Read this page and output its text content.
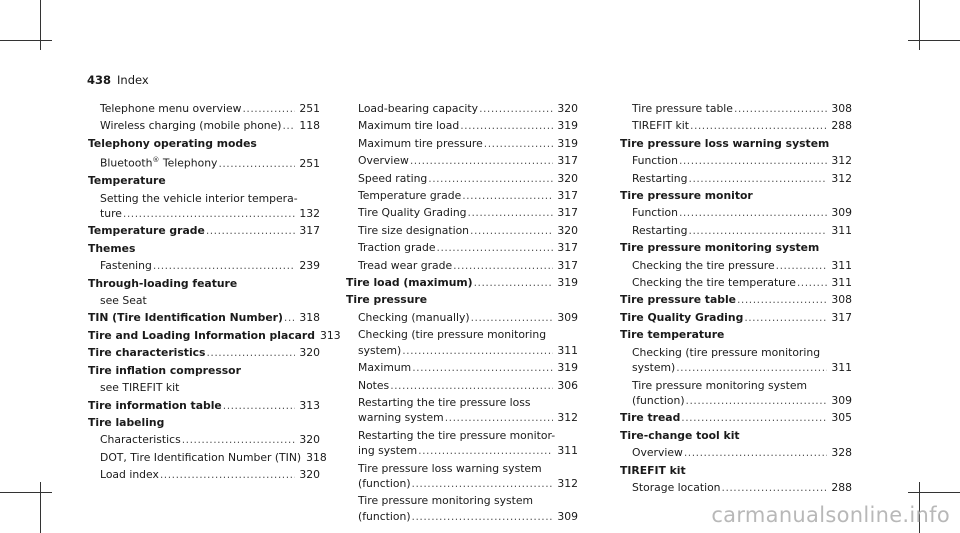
438 Index
Telephone menu overview .....	251
Wireless charging (mobile phone) ..... 118
Telephony operating modes
Bluetooth® Telephony .....	251
Temperature
Setting the vehicle interior tempera-
ture .....	132
Temperature grade .....	317
Themes
Fastening .....	239
Through-loading feature
see Seat
TIN (Tire Identification Number) ..... 318
Tire and Loading Information placard 313
Tire characteristics .....	320
Tire inflation compressor
see TIREFIT kit
Tire information table .....	313
Tire labeling
Characteristics .....	320
DOT, Tire Identification Number (TIN) 318
Load index .....	320
Load-bearing capacity .....	320
Maximum tire load .....	319
Maximum tire pressure .....	319
Overview .....	317
Speed rating .....	320
Temperature grade .....	317
Tire Quality Grading .....	317
Tire size designation .....	320
Traction grade .....	317
Tread wear grade .....	317
Tire load (maximum) .....	319
Tire pressure
Checking (manually) .....	309
Checking (tire pressure monitoring
system) .....	311
Maximum .....	319
Notes .....	306
Restarting the tire pressure loss
warning system .....	312
Restarting the tire pressure monitor-
ing system .....	311
Tire pressure loss warning system
(function) .....	312
Tire pressure monitoring system
(function) .....	309
Tire pressure table .....	308
TIREFIT kit .....	288
Tire pressure loss warning system
Function .....	312
Restarting .....	312
Tire pressure monitor
Function .....	309
Restarting .....	311
Tire pressure monitoring system
Checking the tire pressure .....	311
Checking the tire temperature .....	311
Tire pressure table .....	308
Tire Quality Grading .....	317
Tire temperature
Checking (tire pressure monitoring
system) .....	311
Tire pressure monitoring system
(function) .....	309
Tire tread .....	305
Tire-change tool kit
Overview .....	328
TIREFIT kit
Storage location .....	288
carmanualsonline.info
